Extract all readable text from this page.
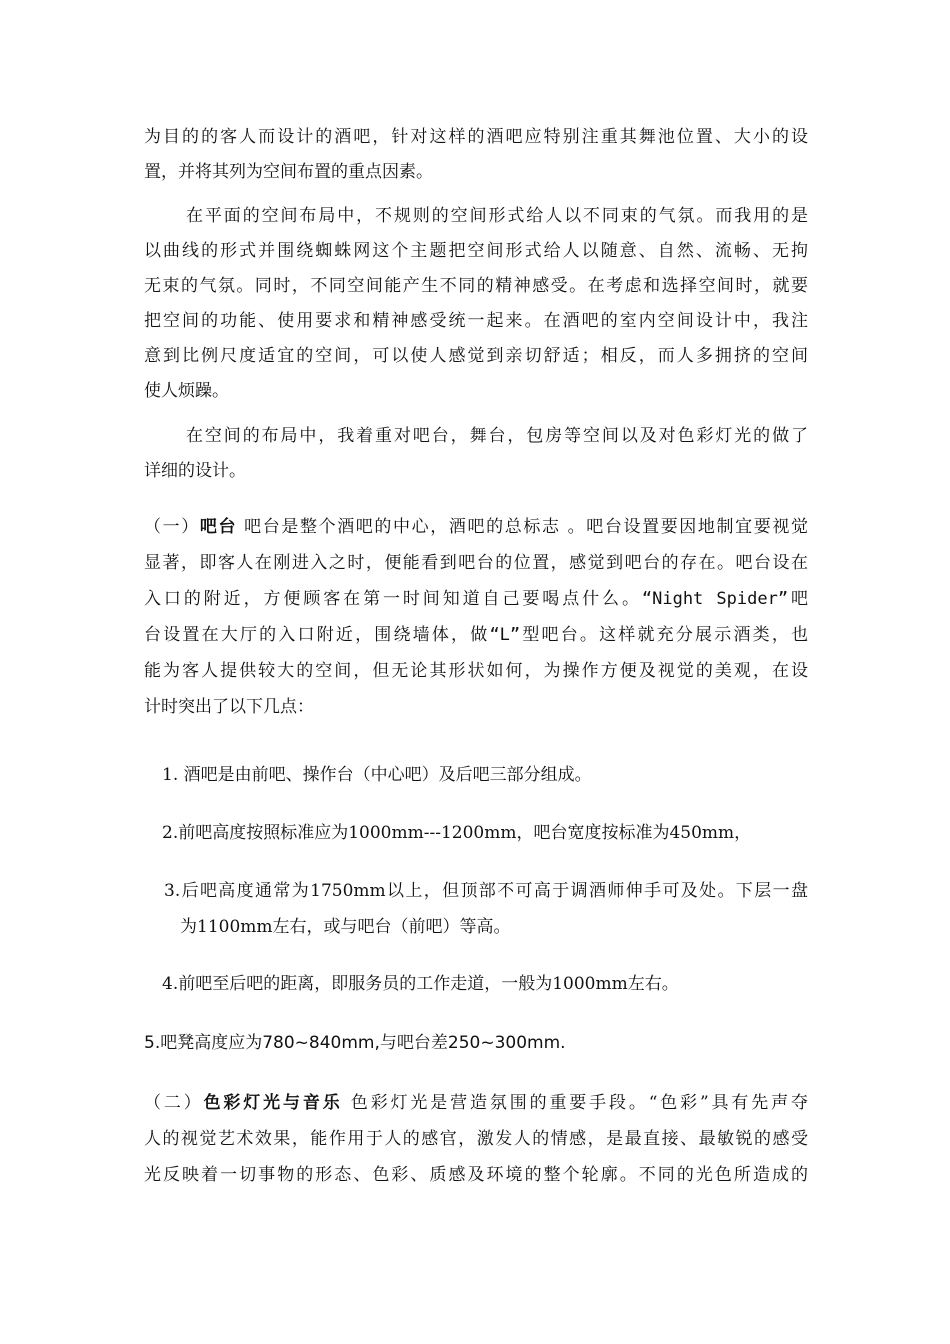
为目的的客人而设计的酒吧，针对这样的酒吧应特别注重其舞池位置、大小的设
置，并将其列为空间布置的重点因素。
在平面的空间布局中，不规则的空间形式给人以不同束的气氛。而我用的是
以曲线的形式并围绕蜘蛛网这个主题把空间形式给人以随意、自然、流畅、无拘
无束的气氛。同时，不同空间能产生不同的精神感受。在考虑和选择空间时，就要
把空间的功能、使用要求和精神感受统一起来。在酒吧的室内空间设计中，我注
意到比例尺度适宜的空间，可以使人感觉到亲切舒适；相反，而人多拥挤的空间
使人烦躁。
在空间的布局中，我着重对吧台，舞台，包房等空间以及对色彩灯光的做了
详细的设计。
（一）吧台 吧台是整个酒吧的中心，酒吧的总标志 。吧台设置要因地制宜要视觉
显著，即客人在刚进入之时，便能看到吧台的位置，感觉到吧台的存在。吧台设在
入口的附近，方便顾客在第一时间知道自己要喝点什么。“Night Spider”吧
台设置在大厅的入口附近，围绕墙体，做“L”型吧台。这样就充分展示酒类，也
能为客人提供较大的空间，但无论其形状如何，为操作方便及视觉的美观，在设
计时突出了以下几点：
1. 酒吧是由前吧、操作台（中心吧）及后吧三部分组成。
2.前吧高度按照标准应为1000mm---1200mm，吧台宽度按标准为450mm，
3.后吧高度通常为1750mm以上，但顶部不可高于调酒师伸手可及处。下层一盘
为1100mm左右，或与吧台（前吧）等高。
4.前吧至后吧的距离，即服务员的工作走道，一般为1000mm左右。
5.吧凳高度应为780~840mm,与吧台差250~300mm.
（二）色彩灯光与音乐 色彩灯光是营造氛围的重要手段。“色彩”具有先声夺
人的视觉艺术效果，能作用于人的感官，激发人的情感，是最直接、最敏锐的感受
光反映着一切事物的形态、色彩、质感及环境的整个轮廓。不同的光色所造成的
